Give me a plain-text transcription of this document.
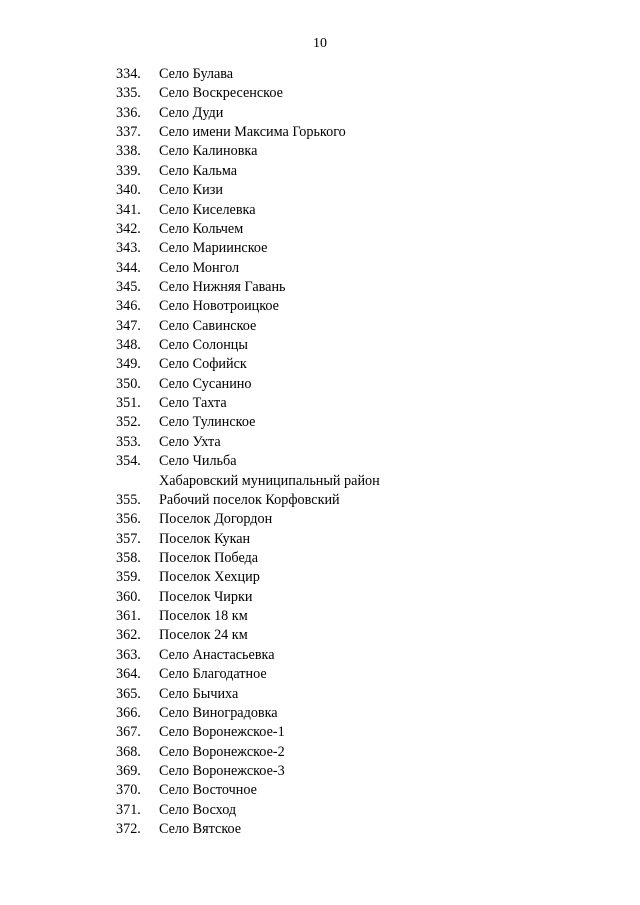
10
334.	Село Булава
335.	Село Воскресенское
336.	Село Дуди
337.	Село имени Максима Горького
338.	Село Калиновка
339.	Село Кальма
340.	Село Кизи
341.	Село Киселевка
342.	Село Кольчем
343.	Село Мариинское
344.	Село Монгол
345.	Село Нижняя Гавань
346.	Село Новотроицкое
347.	Село Савинское
348.	Село Солонцы
349.	Село Софийск
350.	Село Сусанино
351.	Село Тахта
352.	Село Тулинское
353.	Село Ухта
354.	Село Чильба
Хабаровский муниципальный район
355.	Рабочий поселок Корфовский
356.	Поселок Догордон
357.	Поселок Кукан
358.	Поселок Победа
359.	Поселок Хехцир
360.	Поселок Чирки
361.	Поселок 18 км
362.	Поселок 24 км
363.	Село Анастасьевка
364.	Село Благодатное
365.	Село Бычиха
366.	Село Виноградовка
367.	Село Воронежское-1
368.	Село Воронежское-2
369.	Село Воронежское-3
370.	Село Восточное
371.	Село Восход
372.	Село Вятское
